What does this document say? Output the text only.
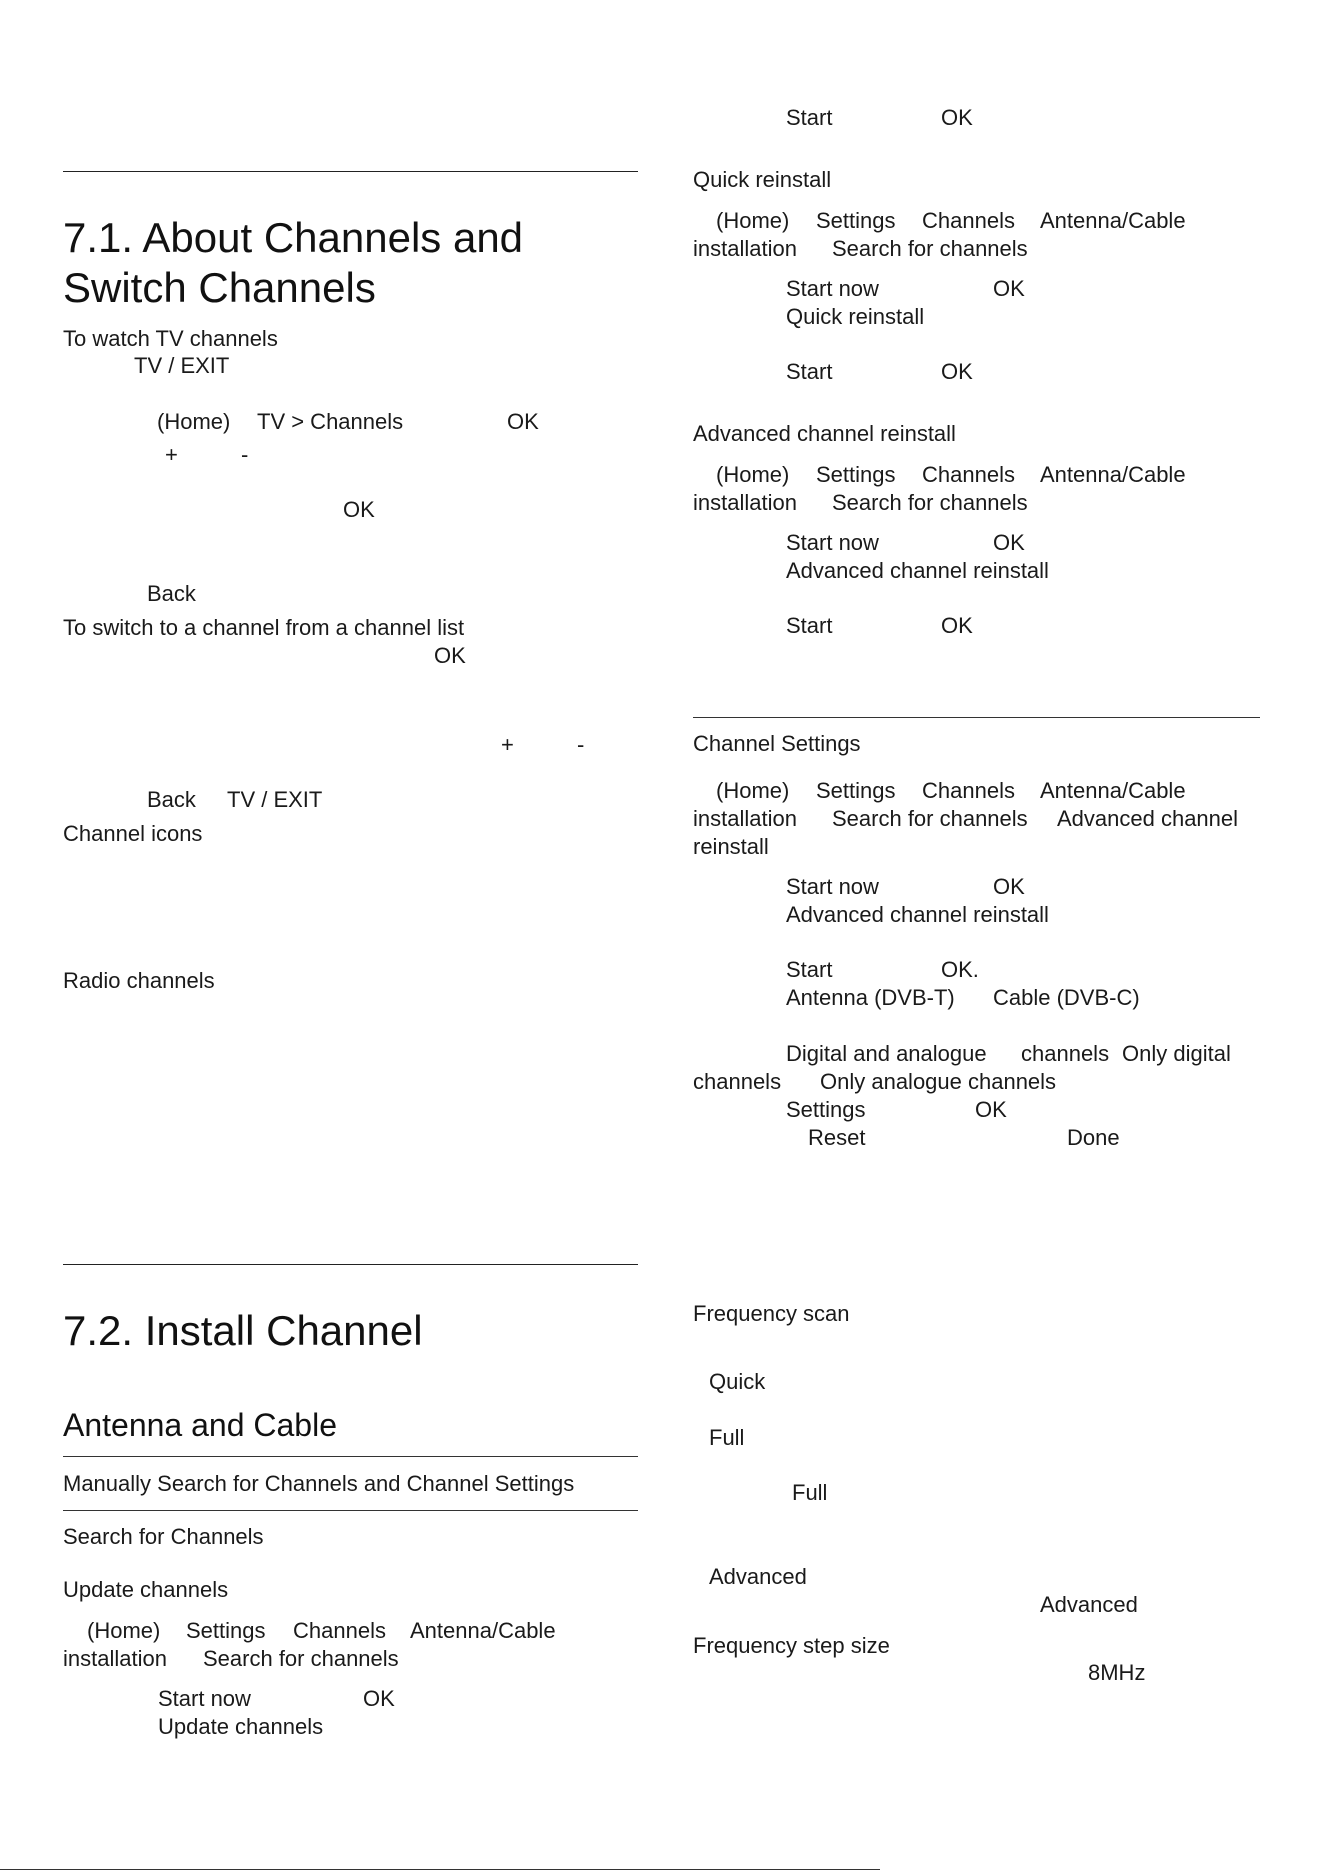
7.1. About Channels and
Switch Channels
To watch TV channels
TV / EXIT
(Home) TV > Channels	OK
+	-
OK
Back
To switch to a channel from a channel list
OK
+	-
Back TV / EXIT
Channel icons
Radio channels
7.2. Install Channel
Antenna and Cable
Manually Search for Channels and Channel Settings
Search for Channels
Update channels
(Home) Settings Channels Antenna/Cable
installation Search for channels
Start now	OK
Update channels
Start	OK
Quick reinstall
(Home) Settings Channels Antenna/Cable
installation Search for channels
Start now	OK
Quick reinstall
Start	OK
Advanced channel reinstall
(Home) Settings Channels Antenna/Cable
installation Search for channels
Start now	OK
Advanced channel reinstall
Start	OK
Channel Settings
(Home) Settings Channels Antenna/Cable
installation Search for channels Advanced channel
reinstall
Start now	OK
Advanced channel reinstall
Start	OK.
Antenna (DVB-T) Cable (DVB-C)
Digital and analogue channels Only digital
channels Only analogue channels
Settings	OK
Reset	Done
Frequency scan
Quick
Full
Full
Advanced
Advanced
Frequency step size
8MHz
